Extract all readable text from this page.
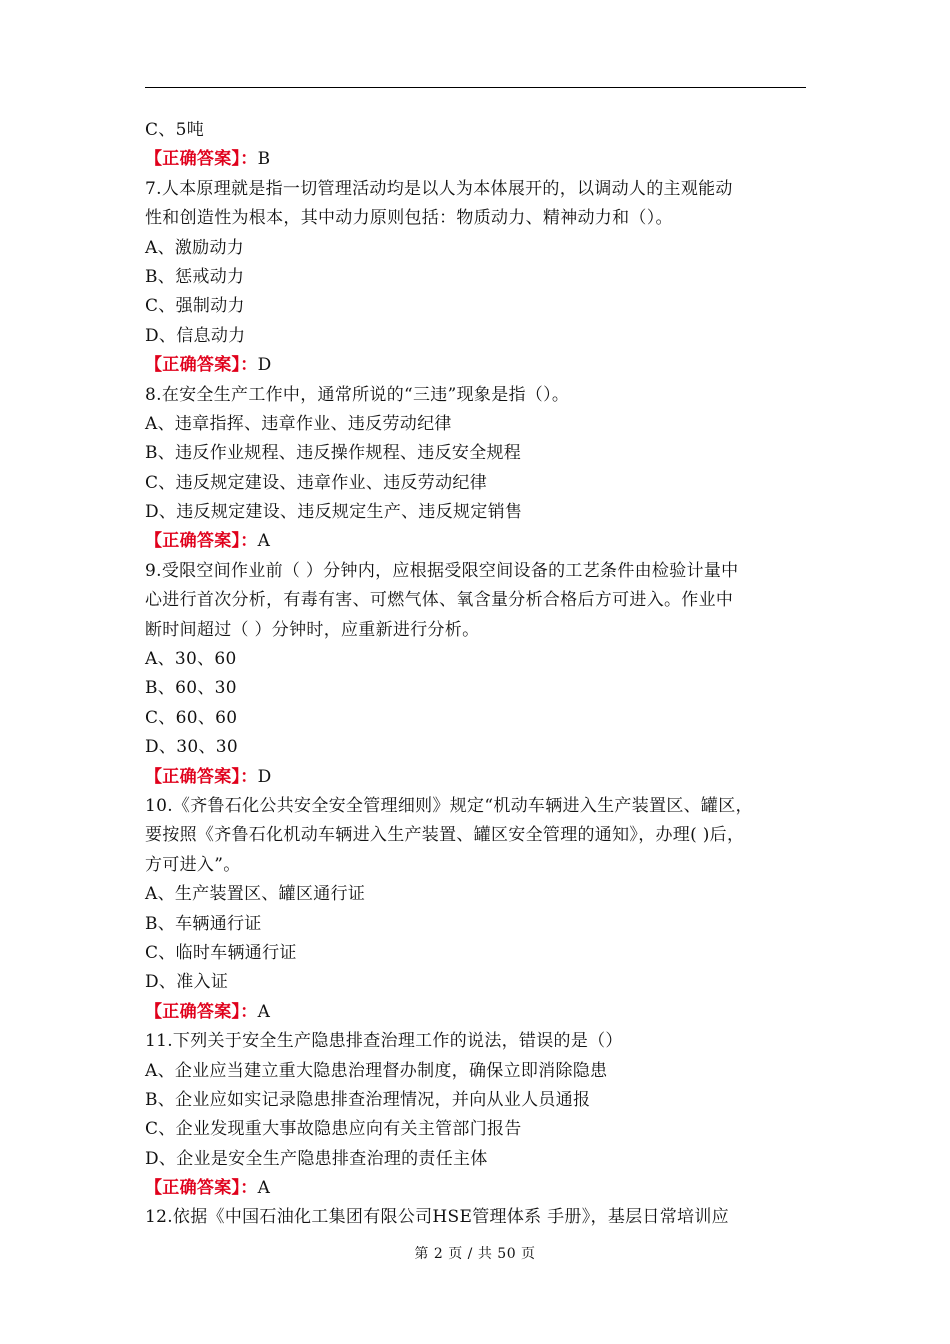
C、5吨
【正确答案】：B
7.人本原理就是指一切管理活动均是以人为本体展开的，以调动人的主观能动
性和创造性为根本，其中动力原则包括：物质动力、精神动力和（）。
A、激励动力
B、惩戒动力
C、强制动力
D、信息动力
【正确答案】：D
8.在安全生产工作中，通常所说的“三违”现象是指（）。
A、违章指挥、违章作业、违反劳动纪律
B、违反作业规程、违反操作规程、违反安全规程
C、违反规定建设、违章作业、违反劳动纪律
D、违反规定建设、违反规定生产、违反规定销售
【正确答案】：A
9.受限空间作业前（ ）分钟内，应根据受限空间设备的工艺条件由检验计量中
心进行首次分析，有毒有害、可燃气体、氧含量分析合格后方可进入。作业中
断时间超过（ ）分钟时，应重新进行分析。
A、30、60
B、60、30
C、60、60
D、30、30
【正确答案】：D
10.《齐鲁石化公共安全安全管理细则》规定“机动车辆进入生产装置区、罐区，
要按照《齐鲁石化机动车辆进入生产装置、罐区安全管理的通知》，办理( )后，
方可进入”。
A、生产装置区、罐区通行证
B、车辆通行证
C、临时车辆通行证
D、准入证
【正确答案】：A
11.下列关于安全生产隐患排查治理工作的说法，错误的是（）
A、企业应当建立重大隐患治理督办制度，确保立即消除隐患
B、企业应如实记录隐患排查治理情况，并向从业人员通报
C、企业发现重大事故隐患应向有关主管部门报告
D、企业是安全生产隐患排查治理的责任主体
【正确答案】：A
12.依据《中国石油化工集团有限公司HSE管理体系 手册》，基层日常培训应
第 2 页 / 共 50 页
